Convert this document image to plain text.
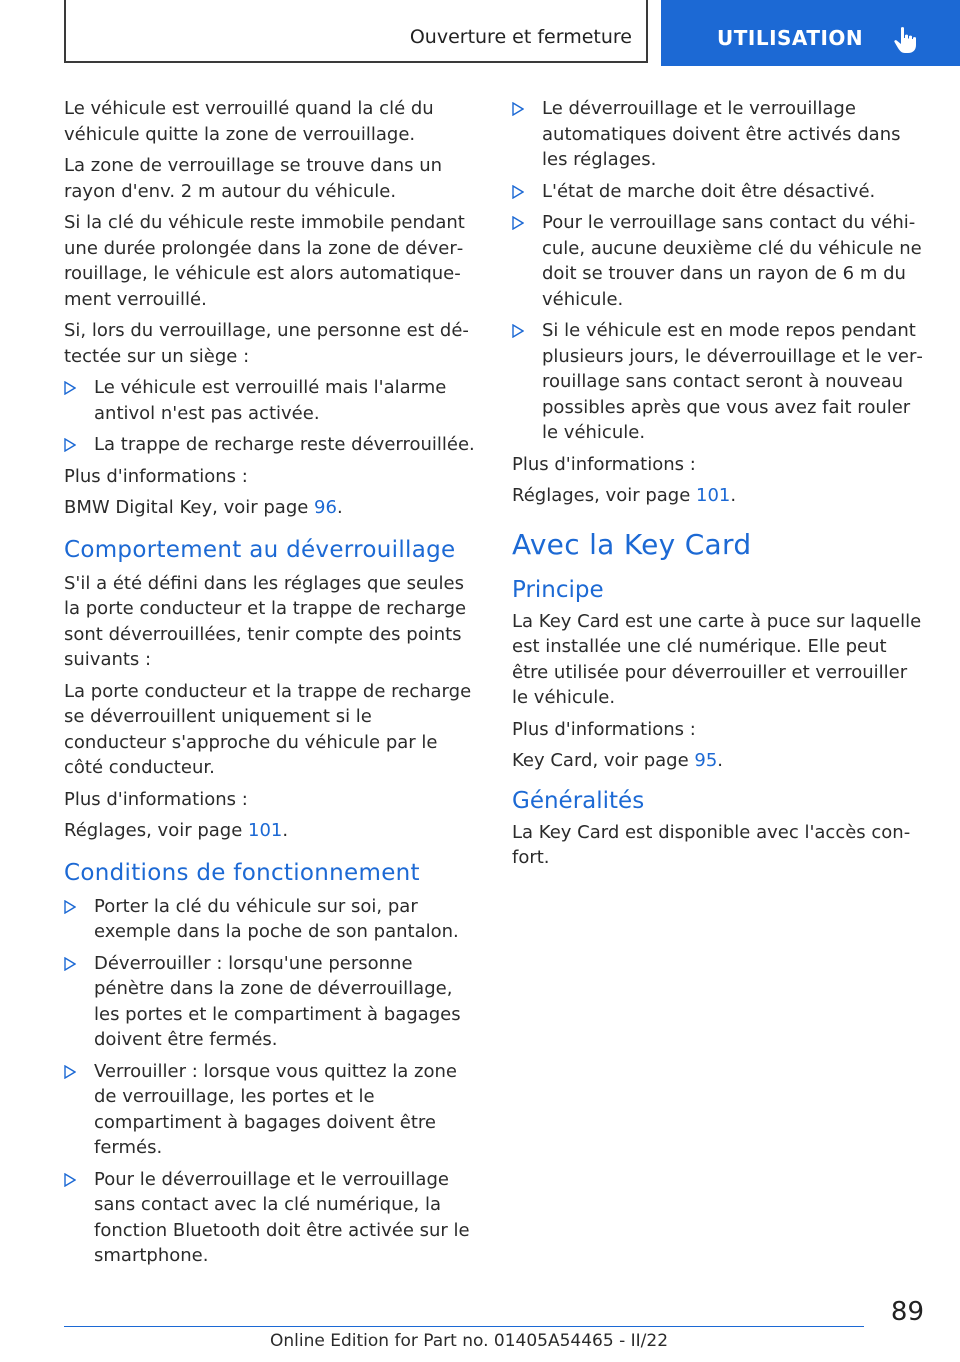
Ouverture et fermeture	UTILISATION

Le véhicule est verrouillé quand la clé du véhicule quitte la zone de verrouillage.

La zone de verrouillage se trouve dans un rayon d'env. 2 m autour du véhicule.

Si la clé du véhicule reste immobile pendant une durée prolongée dans la zone de déverrouillage, le véhicule est alors automatiquement verrouillé.

Si, lors du verrouillage, une personne est détectée sur un siège :

Le véhicule est verrouillé mais l'alarme antivol n'est pas activée.
La trappe de recharge reste déverrouillée.

Plus d'informations :

BMW Digital Key, voir page 96.

Comportement au déverrouillage

S'il a été défini dans les réglages que seules la porte conducteur et la trappe de recharge sont déverrouillées, tenir compte des points suivants :

La porte conducteur et la trappe de recharge se déverrouillent uniquement si le conducteur s'approche du véhicule par le côté conducteur.

Plus d'informations :

Réglages, voir page 101.

Conditions de fonctionnement
Porter la clé du véhicule sur soi, par exemple dans la poche de son pantalon.
Déverrouiller : lorsqu'une personne pénètre dans la zone de déverrouillage, les portes et le compartiment à bagages doivent être fermés.
Verrouiller : lorsque vous quittez la zone de verrouillage, les portes et le compartiment à bagages doivent être fermés.
Pour le déverrouillage et le verrouillage sans contact avec la clé numérique, la fonction Bluetooth doit être activée sur le smartphone.
Le déverrouillage et le verrouillage automatiques doivent être activés dans les réglages.
L'état de marche doit être désactivé.
Pour le verrouillage sans contact du véhicule, aucune deuxième clé du véhicule ne doit se trouver dans un rayon de 6 m du véhicule.
Si le véhicule est en mode repos pendant plusieurs jours, le déverrouillage et le verrouillage sans contact seront à nouveau possibles après que vous avez fait rouler le véhicule.

Plus d'informations :

Réglages, voir page 101.

Avec la Key Card
Principe

La Key Card est une carte à puce sur laquelle est installée une clé numérique. Elle peut être utilisée pour déverrouiller et verrouiller le véhicule.

Plus d'informations :

Key Card, voir page 95.

Généralités

La Key Card est disponible avec l'accès confort.

89
Online Edition for Part no. 01405A54465 - II/22
